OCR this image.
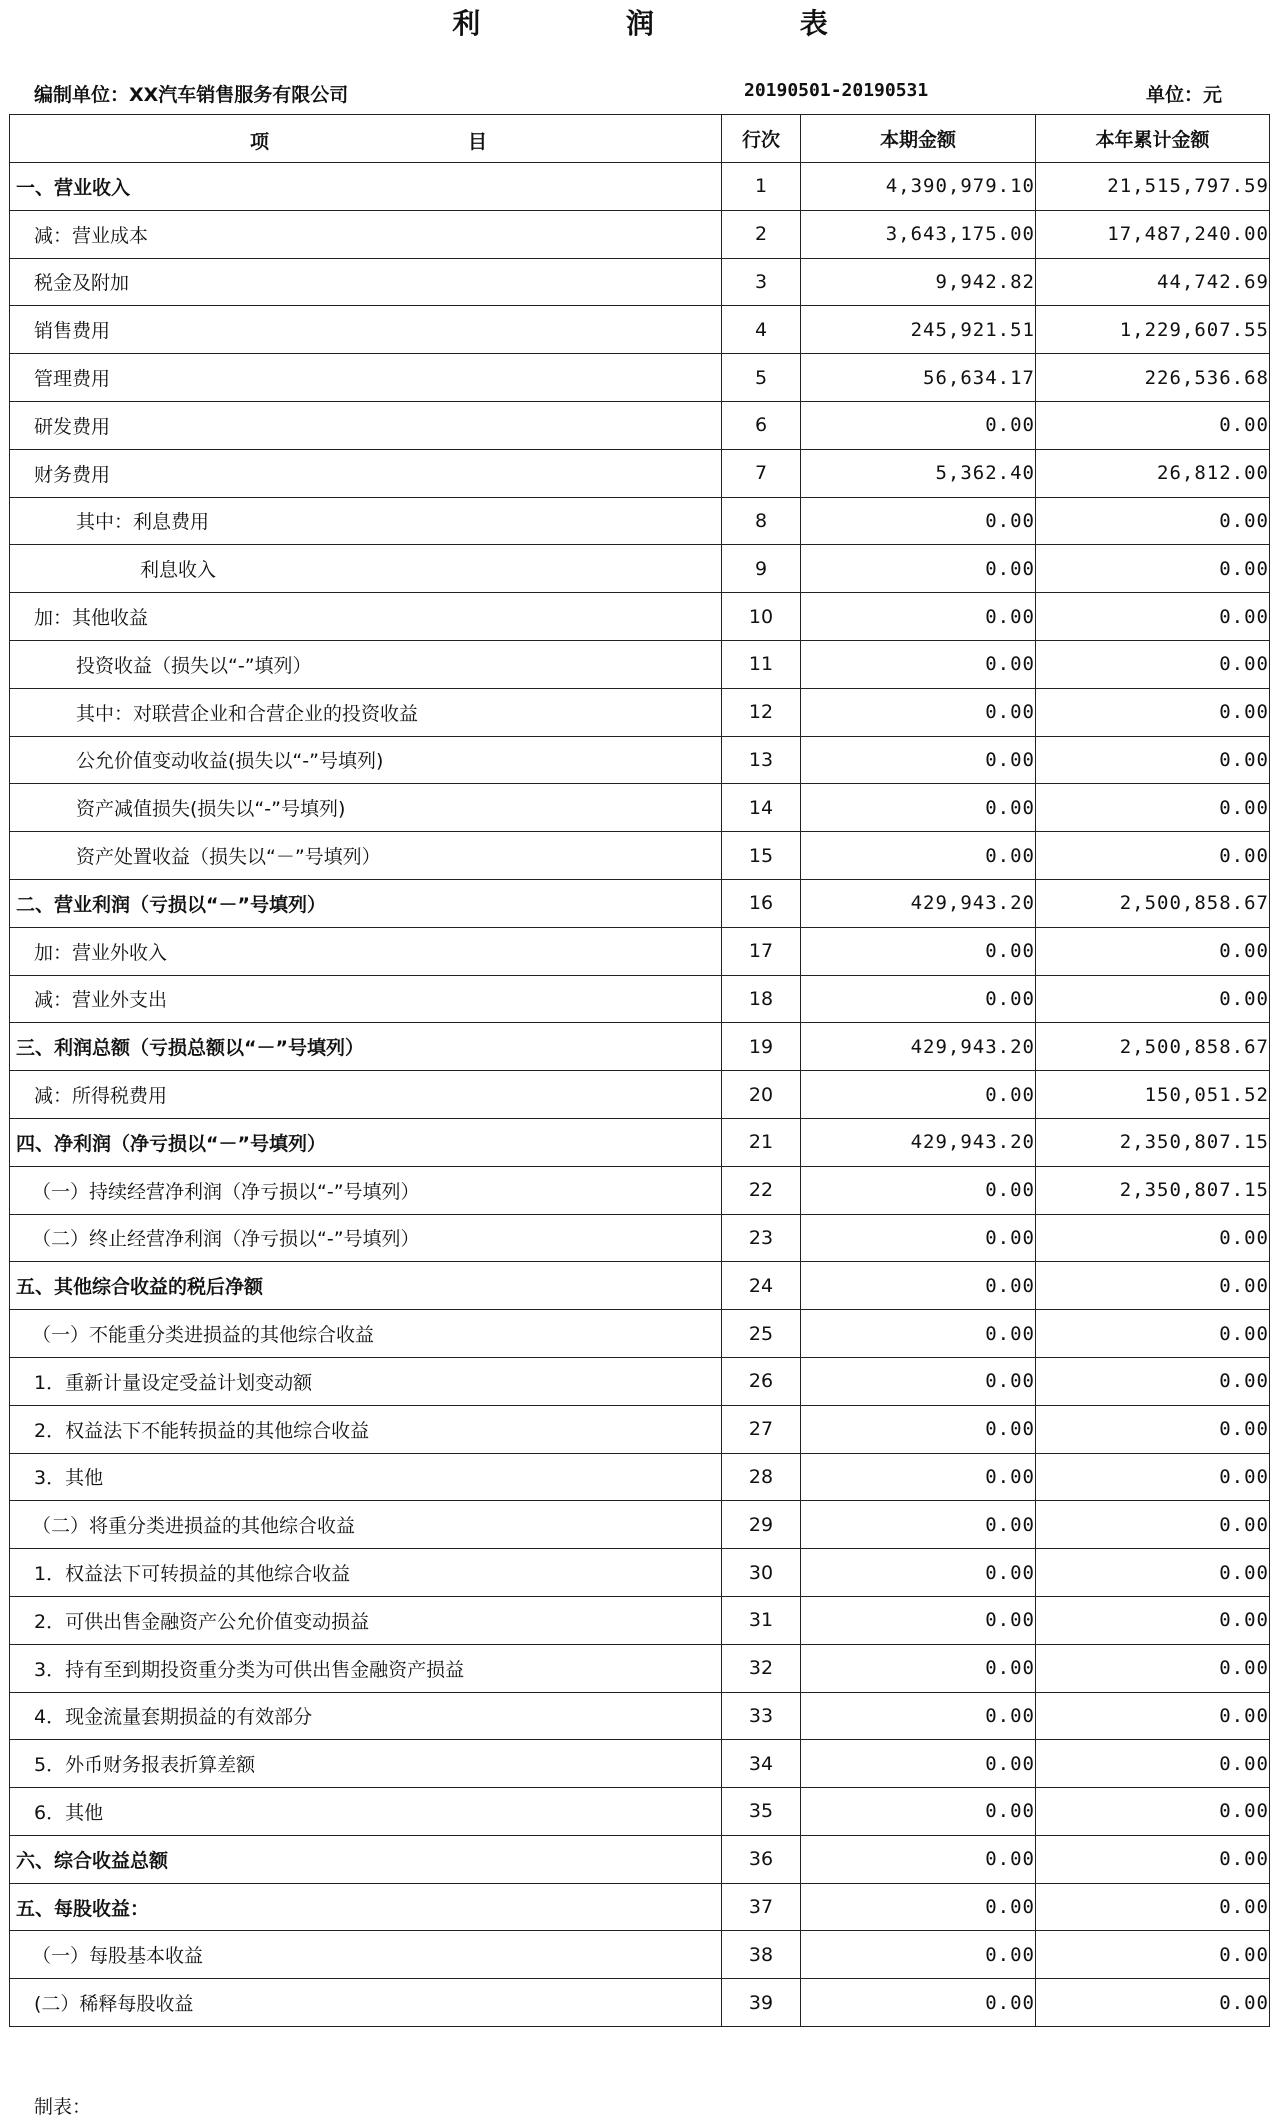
利 润 表
编制单位：XX汽车销售服务有限公司	20190501-20190531	单位：元
项 目	行次	本期金额	本年累计金额
一、营业收入	1	4,390,979.10	21,515,797.59
减：营业成本	2	3,643,175.00	17,487,240.00
税金及附加	3	9,942.82	44,742.69
销售费用	4	245,921.51	1,229,607.55
管理费用	5	56,634.17	226,536.68
研发费用	6	0.00	0.00
财务费用	7	5,362.40	26,812.00
其中：利息费用	8	0.00	0.00
利息收入	9	0.00	0.00
加：其他收益	10	0.00	0.00
投资收益（损失以“-”填列）	11	0.00	0.00
其中：对联营企业和合营企业的投资收益	12	0.00	0.00
公允价值变动收益(损失以“-”号填列)	13	0.00	0.00
资产减值损失(损失以“-”号填列)	14	0.00	0.00
资产处置收益（损失以“－”号填列）	15	0.00	0.00
二、营业利润（亏损以“－”号填列）	16	429,943.20	2,500,858.67
加：营业外收入	17	0.00	0.00
减：营业外支出	18	0.00	0.00
三、利润总额（亏损总额以“－”号填列）	19	429,943.20	2,500,858.67
减：所得税费用	20	0.00	150,051.52
四、净利润（净亏损以“－”号填列）	21	429,943.20	2,350,807.15
（一）持续经营净利润（净亏损以“-”号填列）	22	0.00	2,350,807.15
（二）终止经营净利润（净亏损以“-”号填列）	23	0.00	0.00
五、其他综合收益的税后净额	24	0.00	0.00
（一）不能重分类进损益的其他综合收益	25	0.00	0.00
1．重新计量设定受益计划变动额	26	0.00	0.00
2．权益法下不能转损益的其他综合收益	27	0.00	0.00
3．其他	28	0.00	0.00
（二）将重分类进损益的其他综合收益	29	0.00	0.00
1．权益法下可转损益的其他综合收益	30	0.00	0.00
2．可供出售金融资产公允价值变动损益	31	0.00	0.00
3．持有至到期投资重分类为可供出售金融资产损益	32	0.00	0.00
4．现金流量套期损益的有效部分	33	0.00	0.00
5．外币财务报表折算差额	34	0.00	0.00
6．其他	35	0.00	0.00
六、综合收益总额	36	0.00	0.00
五、每股收益：	37	0.00	0.00
（一）每股基本收益	38	0.00	0.00
(二）稀释每股收益	39	0.00	0.00
制表：
